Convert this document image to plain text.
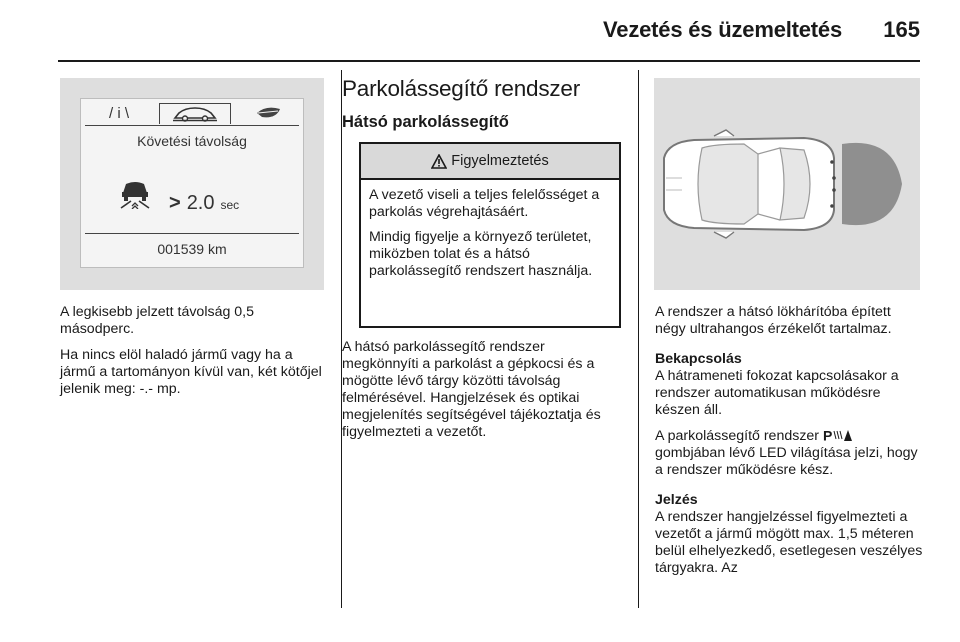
Vezetés és üzemeltetés 165
/ i \
Követési távolság
> 2.0 sec
001539 km

A legkisebb jelzett távolság 0,5 másodperc.

Ha nincs elöl haladó jármű vagy ha a jármű a tartományon kívül van, két kötőjel jelenik meg: -.- mp.

Parkolássegítő rendszer
Hátsó parkolássegítő
Figyelmeztetés

A vezető viseli a teljes felelősséget a parkolás végrehajtásáért.

Mindig figyelje a környező területet, miközben tolat és a hátsó parkolássegítő rendszert használja.

A hátsó parkolássegítő rendszer megkönnyíti a parkolást a gépkocsi és a mögötte lévő tárgy közötti távolság felmérésével. Hangjelzések és optikai megjelenítés segítségével tájékoztatja és figyelmezteti a vezetőt.

A rendszer a hátsó lökhárítóba épített négy ultrahangos érzékelőt tartalmaz.

Bekapcsolás

A hátrameneti fokozat kapcsolásakor a rendszer automatikusan működésre készen áll.

A parkolássegítő rendszer P
gombjában lévő LED világítása jelzi, hogy a rendszer működésre kész.

Jelzés

A rendszer hangjelzéssel figyelmezteti a vezetőt a jármű mögött max. 1,5 méteren belül elhelyezkedő, esetlegesen veszélyes tárgyakra. Az
